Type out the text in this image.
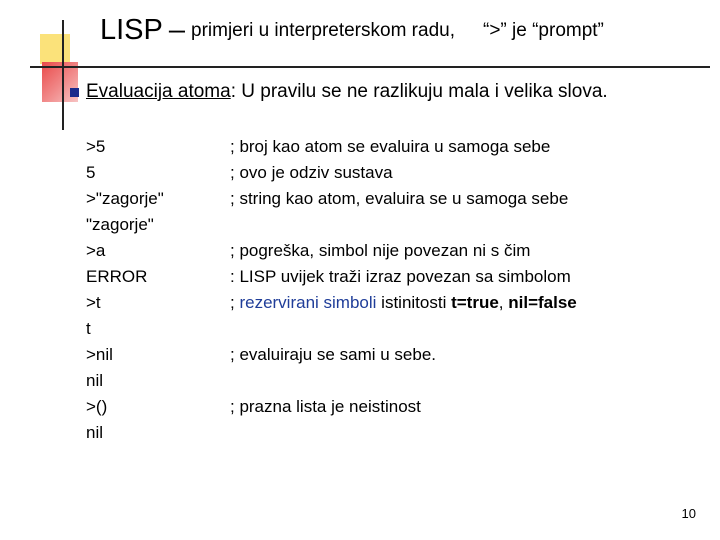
LISP – primjeri u interpreterskom radu, “>” je “prompt”
Evaluacija atoma: U pravilu se ne razlikuju mala i velika slova.
>5
5
>"zagorje"
"zagorje"
>a
ERROR
>t
t
>nil
nil
>()
nil
; broj kao atom se evaluira u samoga sebe
; ovo je odziv sustava
; string kao atom, evaluira se u samoga sebe
; pogreška, simbol nije povezan ni s čim
: LISP uvijek traži izraz povezan sa simbolom
; rezervirani simboli istinitosti t=true, nil=false
; evaluiraju se sami u sebe.
; prazna lista je neistinost
10
